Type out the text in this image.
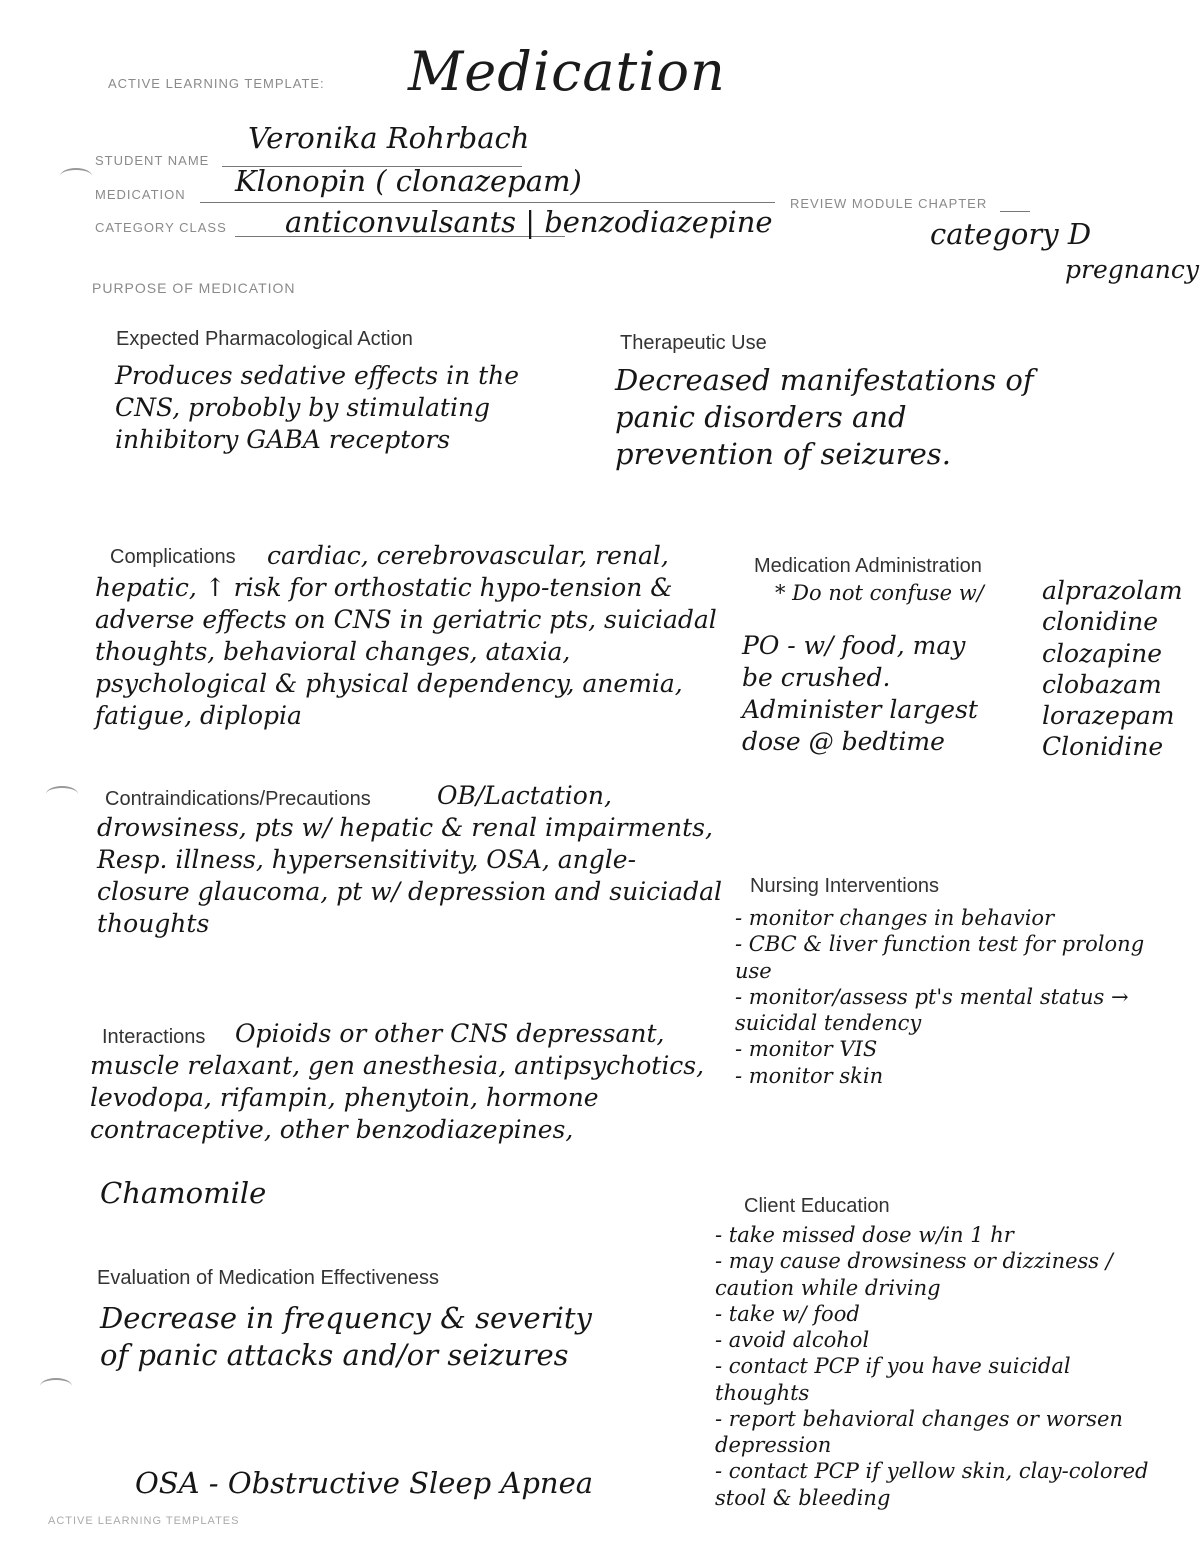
ACTIVE LEARNING TEMPLATE: Medication
STUDENT NAME
Veronika Rohrbach
MEDICATION Klonopin ( clonazepam)
REVIEW MODULE CHAPTER
CATEGORY CLASS anticonvulsants | benzodiazepine	category D
pregnancy
PURPOSE OF MEDICATION
Expected Pharmacological Action
Produces sedative effects in the CNS, probobly by stimulating inhibitory GABA receptors
Therapeutic Use
Decreased manifestations of panic disorders and prevention of seizures.
Complications	cardiac, cerebrovascular, renal, hepatic, ↑ risk for orthostatic hypo-tension & adverse effects on CNS in geriatric pts, suiciadal thoughts, behavioral changes, ataxia, psychological & physical dependency, anemia, fatigue, diplopia
Contraindications/Precautions	OB/Lactation, drowsiness, pts w/ hepatic & renal impairments, Resp. illness, hypersensitivity, OSA, angle-closure glaucoma, pt w/ depression and suiciadal thoughts
Interactions	Opioids or other CNS depressant, muscle relaxant, gen anesthesia, antipsychotics, levodopa, rifampin, phenytoin, hormone contraceptive, other benzodiazepines,
Chamomile
Evaluation of Medication Effectiveness
Decrease in frequency & severity of panic attacks and/or seizures
OSA - Obstructive Sleep Apnea
Medication Administration
* Do not confuse w/ alprazolam
clonidine
clozapine
clobazam
lorazepam
Clonidine
PO - w/ food, may be crushed. Administer largest dose @ bedtime
Nursing Interventions
- monitor changes in behavior
- CBC & liver function test for prolong use
- monitor/assess pt's mental status → suicidal tendency
- monitor VIS
- monitor skin
Client Education
- take missed dose w/in 1 hr
- may cause drowsiness or dizziness / caution while driving
- take w/ food
- avoid alcohol
- contact PCP if you have suicidal thoughts
- report behavioral changes or worsen depression
- contact PCP if yellow skin, clay-colored stool & bleeding
ACTIVE LEARNING TEMPLATES
